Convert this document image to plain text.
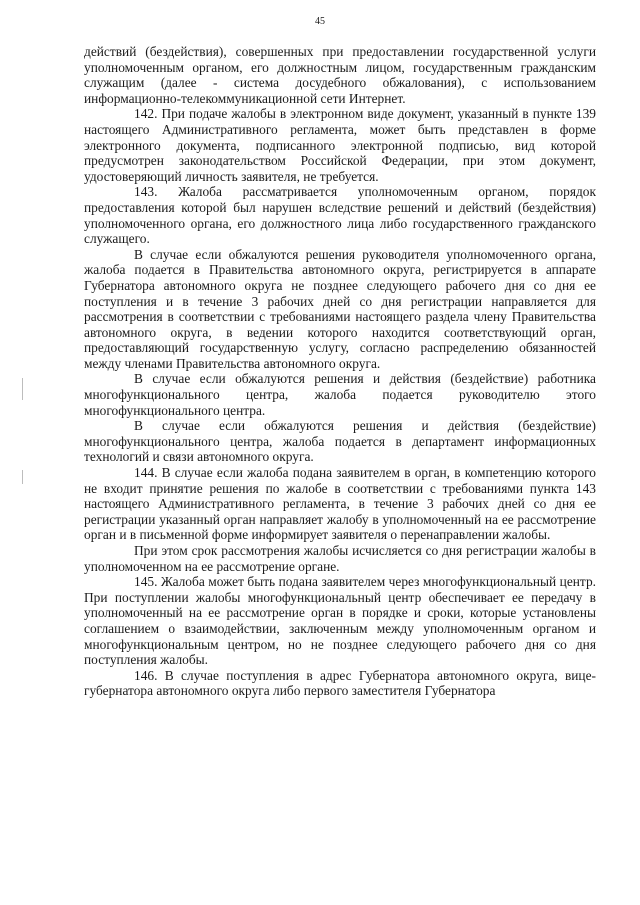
45

действий (бездействия), совершенных при предоставлении государственной услуги уполномоченным органом, его должностным лицом, государственным гражданским служащим (далее - система досудебного обжалования), с использованием информационно-телекоммуникационной сети Интернет.

142. При подаче жалобы в электронном виде документ, указанный в пункте 139 настоящего Административного регламента, может быть представлен в форме электронного документа, подписанного электронной подписью, вид которой предусмотрен законодательством Российской Федерации, при этом документ, удостоверяющий личность заявителя, не требуется.

143. Жалоба рассматривается уполномоченным органом, порядок предоставления которой был нарушен вследствие решений и действий (бездействия) уполномоченного органа, его должностного лица либо государственного гражданского служащего.

В случае если обжалуются решения руководителя уполномоченного органа, жалоба подается в Правительства автономного округа, регистрируется в аппарате Губернатора автономного округа не позднее следующего рабочего дня со дня ее поступления и в течение 3 рабочих дней со дня регистрации направляется для рассмотрения в соответствии с требованиями настоящего раздела члену Правительства автономного округа, в ведении которого находится соответствующий орган, предоставляющий государственную услугу, согласно распределению обязанностей между членами Правительства автономного округа.

В случае если обжалуются решения и действия (бездействие) работника многофункционального центра, жалоба подается руководителю этого многофункционального центра.

В случае если обжалуются решения и действия (бездействие) многофункционального центра, жалоба подается в департамент информационных технологий и связи автономного округа.

144. В случае если жалоба подана заявителем в орган, в компетенцию которого не входит принятие решения по жалобе в соответствии с требованиями пункта 143 настоящего Административного регламента, в течение 3 рабочих дней со дня ее регистрации указанный орган направляет жалобу в уполномоченный на ее рассмотрение орган и в письменной форме информирует заявителя о перенаправлении жалобы.

При этом срок рассмотрения жалобы исчисляется со дня регистрации жалобы в уполномоченном на ее рассмотрение органе.

145. Жалоба может быть подана заявителем через многофункциональный центр. При поступлении жалобы многофункциональный центр обеспечивает ее передачу в уполномоченный на ее рассмотрение орган в порядке и сроки, которые установлены соглашением о взаимодействии, заключенным между уполномоченным органом и многофункциональным центром, но не позднее следующего рабочего дня со дня поступления жалобы.

146. В случае поступления в адрес Губернатора автономного округа, вице-губернатора автономного округа либо первого заместителя Губернатора
